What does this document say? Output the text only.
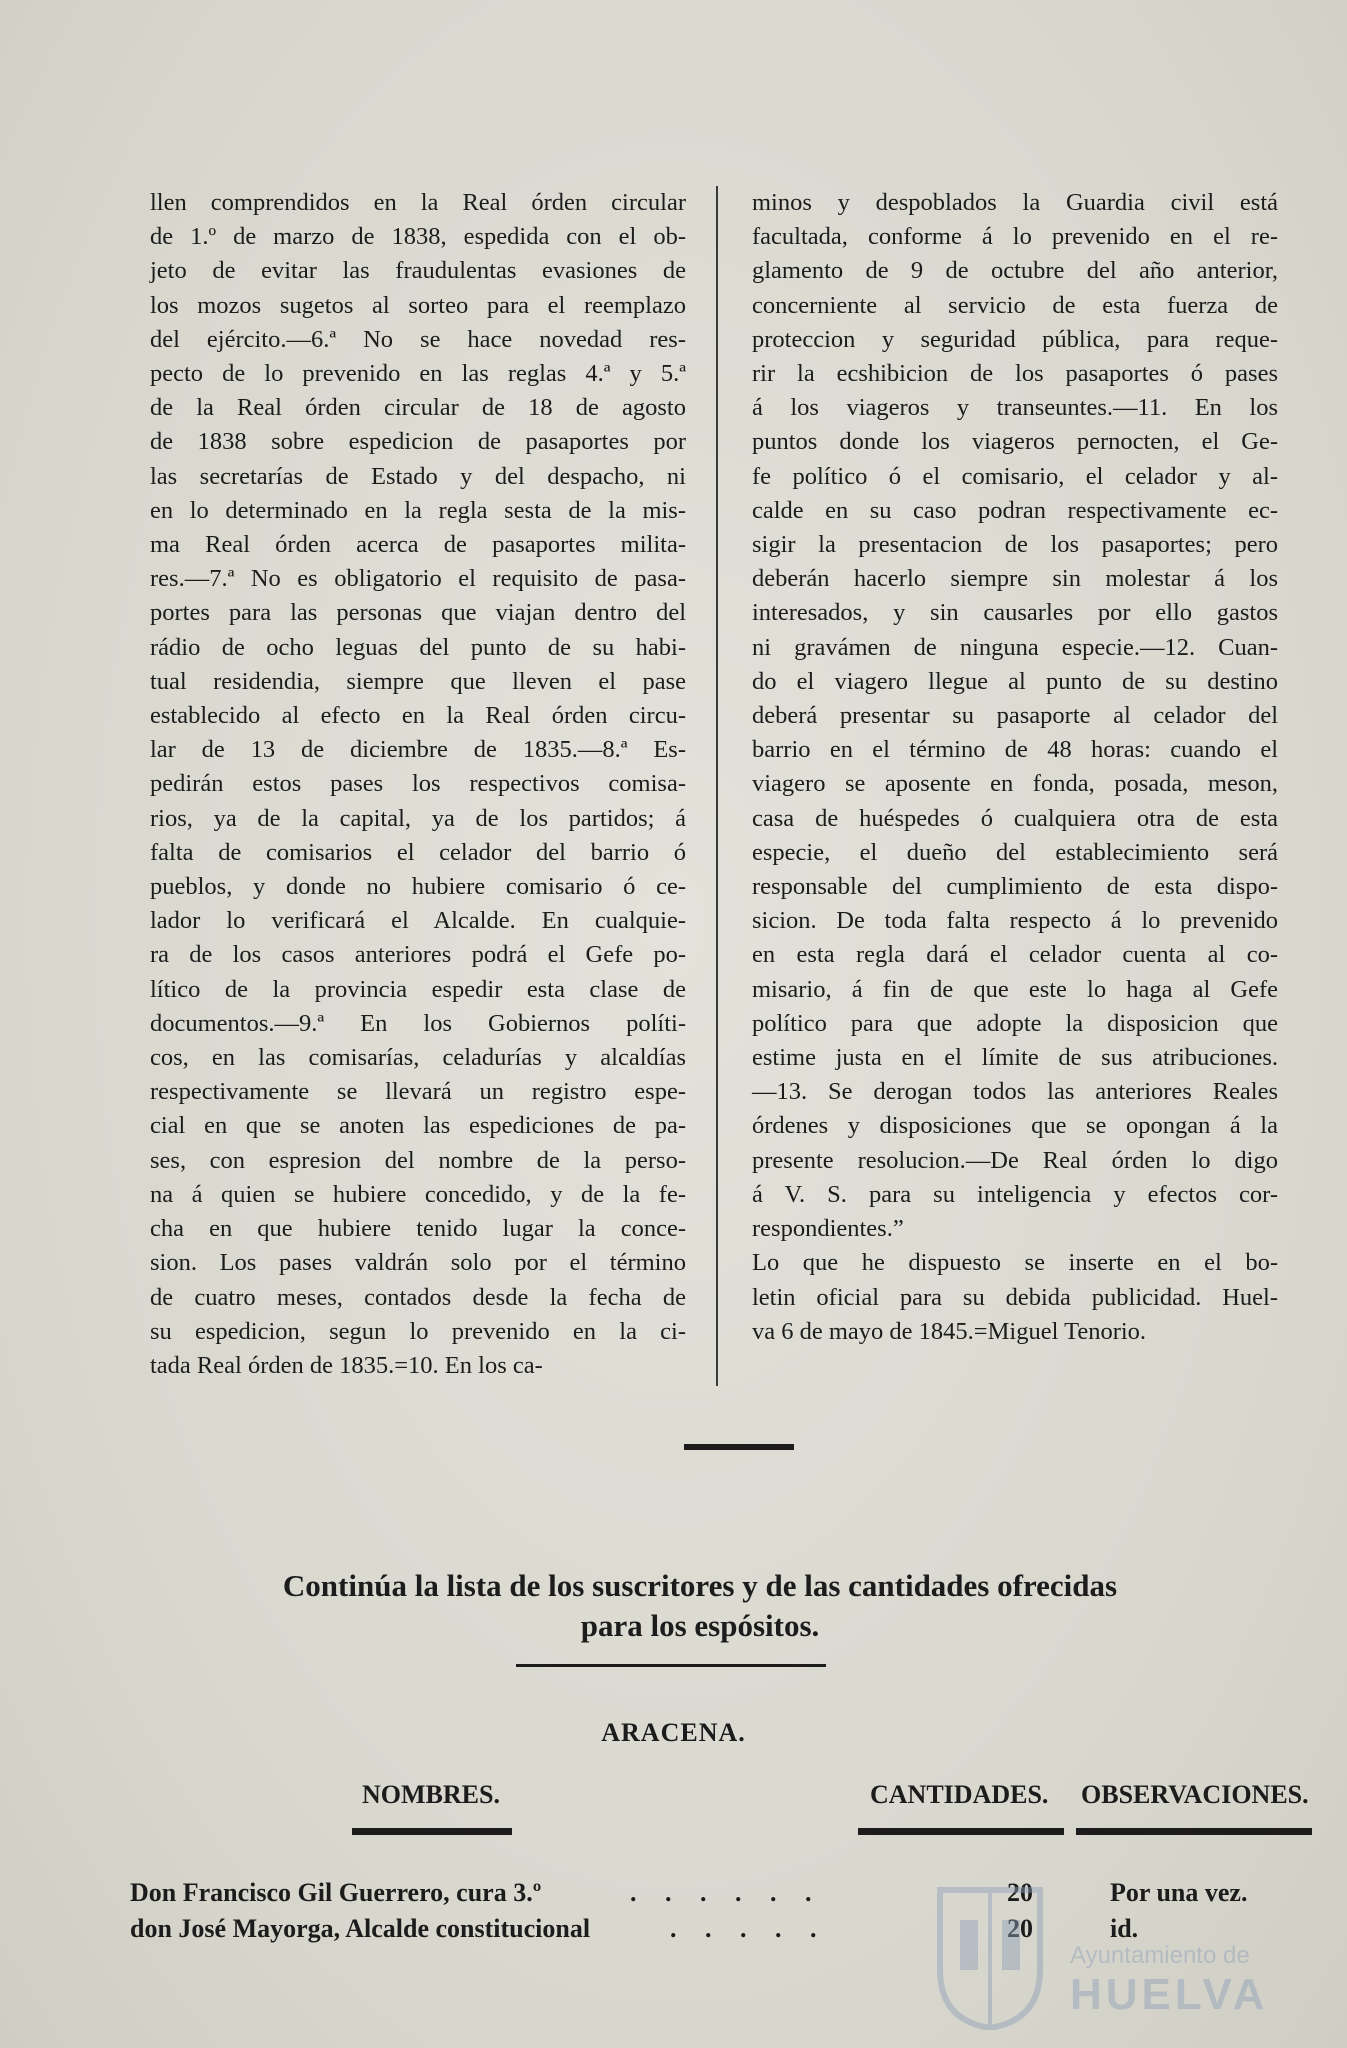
llen comprendidos en la Real órden circular
de 1.º de marzo de 1838, espedida con el ob-
jeto de evitar las fraudulentas evasiones de
los mozos sugetos al sorteo para el reemplazo
del ejército.—6.ª No se hace novedad res-
pecto de lo prevenido en las reglas 4.ª y 5.ª
de la Real órden circular de 18 de agosto
de 1838 sobre espedicion de pasaportes por
las secretarías de Estado y del despacho, ni
en lo determinado en la regla sesta de la mis-
ma Real órden acerca de pasaportes milita-
res.—7.ª No es obligatorio el requisito de pasa-
portes para las personas que viajan dentro del
rádio de ocho leguas del punto de su habi-
tual residendia, siempre que lleven el pase
establecido al efecto en la Real órden circu-
lar de 13 de diciembre de 1835.—8.ª Es-
pedirán estos pases los respectivos comisa-
rios, ya de la capital, ya de los partidos; á
falta de comisarios el celador del barrio ó
pueblos, y donde no hubiere comisario ó ce-
lador lo verificará el Alcalde. En cualquie-
ra de los casos anteriores podrá el Gefe po-
lítico de la provincia espedir esta clase de
documentos.—9.ª En los Gobiernos políti-
cos, en las comisarías, celadurías y alcaldías
respectivamente se llevará un registro espe-
cial en que se anoten las espediciones de pa-
ses, con espresion del nombre de la perso-
na á quien se hubiere concedido, y de la fe-
cha en que hubiere tenido lugar la conce-
sion. Los pases valdrán solo por el término
de cuatro meses, contados desde la fecha de
su espedicion, segun lo prevenido en la ci-
tada Real órden de 1835.=10. En los ca-
minos y despoblados la Guardia civil está
facultada, conforme á lo prevenido en el re-
glamento de 9 de octubre del año anterior,
concerniente al servicio de esta fuerza de
proteccion y seguridad pública, para reque-
rir la ecshibicion de los pasaportes ó pases
á los viageros y transeuntes.—11. En los
puntos donde los viageros pernocten, el Ge-
fe político ó el comisario, el celador y al-
calde en su caso podran respectivamente ec-
sigir la presentacion de los pasaportes; pero
deberán hacerlo siempre sin molestar á los
interesados, y sin causarles por ello gastos
ni gravámen de ninguna especie.—12. Cuan-
do el viagero llegue al punto de su destino
deberá presentar su pasaporte al celador del
barrio en el término de 48 horas: cuando el
viagero se aposente en fonda, posada, meson,
casa de huéspedes ó cualquiera otra de esta
especie, el dueño del establecimiento será
responsable del cumplimiento de esta dispo-
sicion. De toda falta respecto á lo prevenido
en esta regla dará el celador cuenta al co-
misario, á fin de que este lo haga al Gefe
político para que adopte la disposicion que
estime justa en el límite de sus atribuciones.
—13. Se derogan todos las anteriores Reales
órdenes y disposiciones que se opongan á la
presente resolucion.—De Real órden lo digo
á V. S. para su inteligencia y efectos cor-
respondientes.”
Lo que he dispuesto se inserte en el bo-
letin oficial para su debida publicidad. Huel-
va 6 de mayo de 1845.=Miguel Tenorio.
Continúa la lista de los suscritores y de las cantidades ofrecidas
para los espósitos.
ARACENA.
NOMBRES.	CANTIDADES. OBSERVACIONES.
Don Francisco Gil Guerrero, cura 3.º	. . . . . .	20	Por una vez.
don José Mayorga, Alcalde constitucional	. . . . .	20	id.
Ayuntamiento de
HUELVA
